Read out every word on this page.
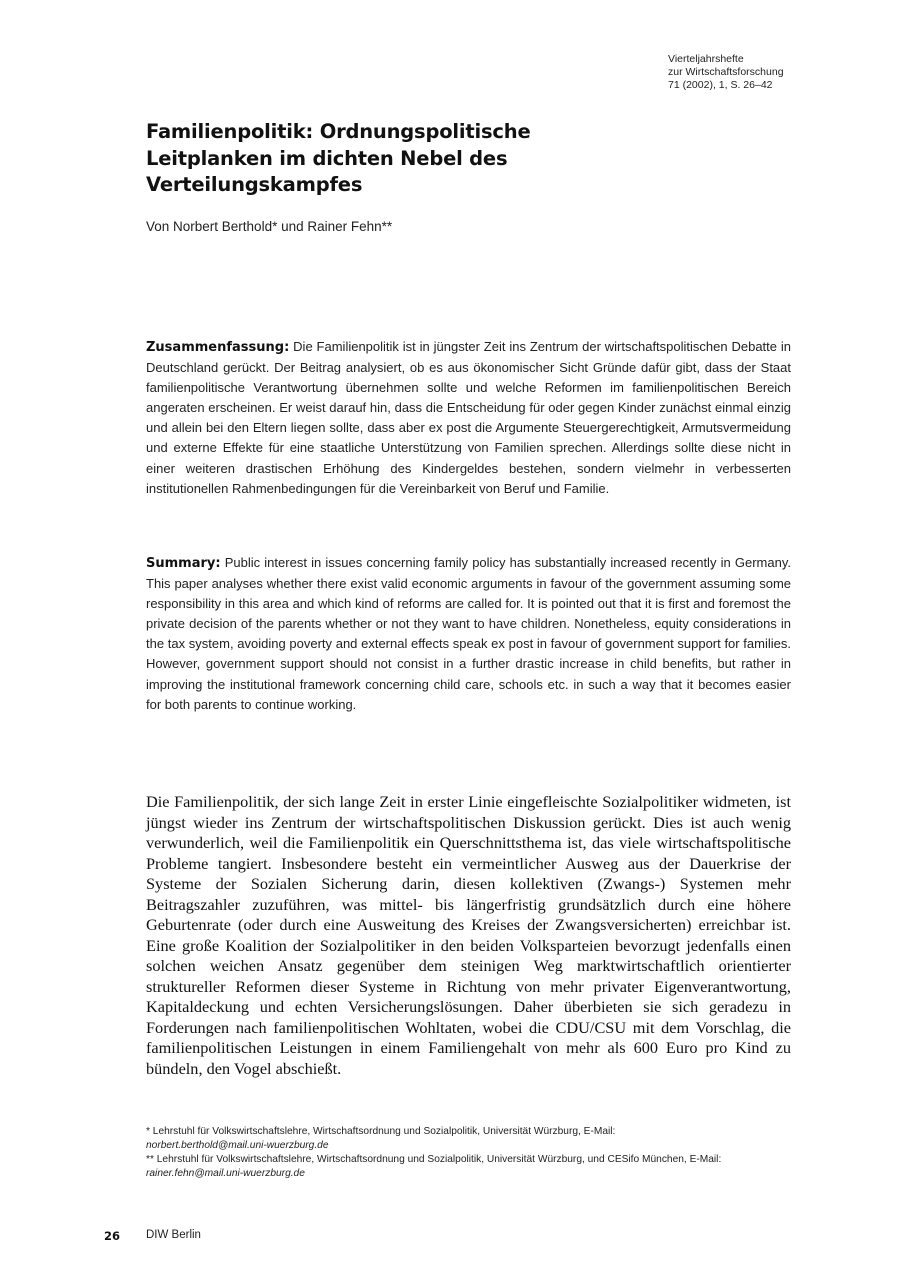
Vierteljahrshefte
zur Wirtschaftsforschung
71 (2002), 1, S. 26–42
Familienpolitik: Ordnungspolitische
Leitplanken im dichten Nebel des
Verteilungskampfes
Von Norbert Berthold* und Rainer Fehn**

Zusammenfassung: Die Familienpolitik ist in jüngster Zeit ins Zentrum der wirtschaftspolitischen Debatte in Deutschland gerückt. Der Beitrag analysiert, ob es aus ökonomischer Sicht Gründe dafür gibt, dass der Staat familienpolitische Verantwortung übernehmen sollte und welche Reformen im familienpolitischen Bereich angeraten erscheinen. Er weist darauf hin, dass die Entscheidung für oder gegen Kinder zunächst einmal einzig und allein bei den Eltern liegen sollte, dass aber ex post die Argumente Steuergerechtigkeit, Armutsvermeidung und externe Effekte für eine staatliche Unterstützung von Familien sprechen. Allerdings sollte diese nicht in einer weiteren drastischen Erhöhung des Kindergeldes bestehen, sondern vielmehr in verbesserten institutionellen Rahmenbedingungen für die Vereinbarkeit von Beruf und Familie.

Summary: Public interest in issues concerning family policy has substantially increased recently in Germany. This paper analyses whether there exist valid economic arguments in favour of the government assuming some responsibility in this area and which kind of reforms are called for. It is pointed out that it is first and foremost the private decision of the parents whether or not they want to have children. Nonetheless, equity considerations in the tax system, avoiding poverty and external effects speak ex post in favour of government support for families. However, government support should not consist in a further drastic increase in child benefits, but rather in improving the institutional framework concerning child care, schools etc. in such a way that it becomes easier for both parents to continue working.

Die Familienpolitik, der sich lange Zeit in erster Linie eingefleischte Sozialpolitiker widmeten, ist jüngst wieder ins Zentrum der wirtschaftspolitischen Diskussion gerückt. Dies ist auch wenig verwunderlich, weil die Familienpolitik ein Querschnittsthema ist, das viele wirtschaftspolitische Probleme tangiert. Insbesondere besteht ein vermeintlicher Ausweg aus der Dauerkrise der Systeme der Sozialen Sicherung darin, diesen kollektiven (Zwangs-) Systemen mehr Beitragszahler zuzuführen, was mittel- bis längerfristig grundsätzlich durch eine höhere Geburtenrate (oder durch eine Ausweitung des Kreises der Zwangsversicherten) erreichbar ist. Eine große Koalition der Sozialpolitiker in den beiden Volksparteien bevorzugt jedenfalls einen solchen weichen Ansatz gegenüber dem steinigen Weg marktwirtschaftlich orientierter struktureller Reformen dieser Systeme in Richtung von mehr privater Eigenverantwortung, Kapitaldeckung und echten Versicherungslösungen. Daher überbieten sie sich geradezu in Forderungen nach familienpolitischen Wohltaten, wobei die CDU/CSU mit dem Vorschlag, die familienpolitischen Leistungen in einem Familiengehalt von mehr als 600 Euro pro Kind zu bündeln, den Vogel abschießt.

* Lehrstuhl für Volkswirtschaftslehre, Wirtschaftsordnung und Sozialpolitik, Universität Würzburg, E-Mail:
norbert.berthold@mail.uni-wuerzburg.de

** Lehrstuhl für Volkswirtschaftslehre, Wirtschaftsordnung und Sozialpolitik, Universität Würzburg, und CESifo München, E-Mail: rainer.fehn@mail.uni-wuerzburg.de

26 DIW Berlin
